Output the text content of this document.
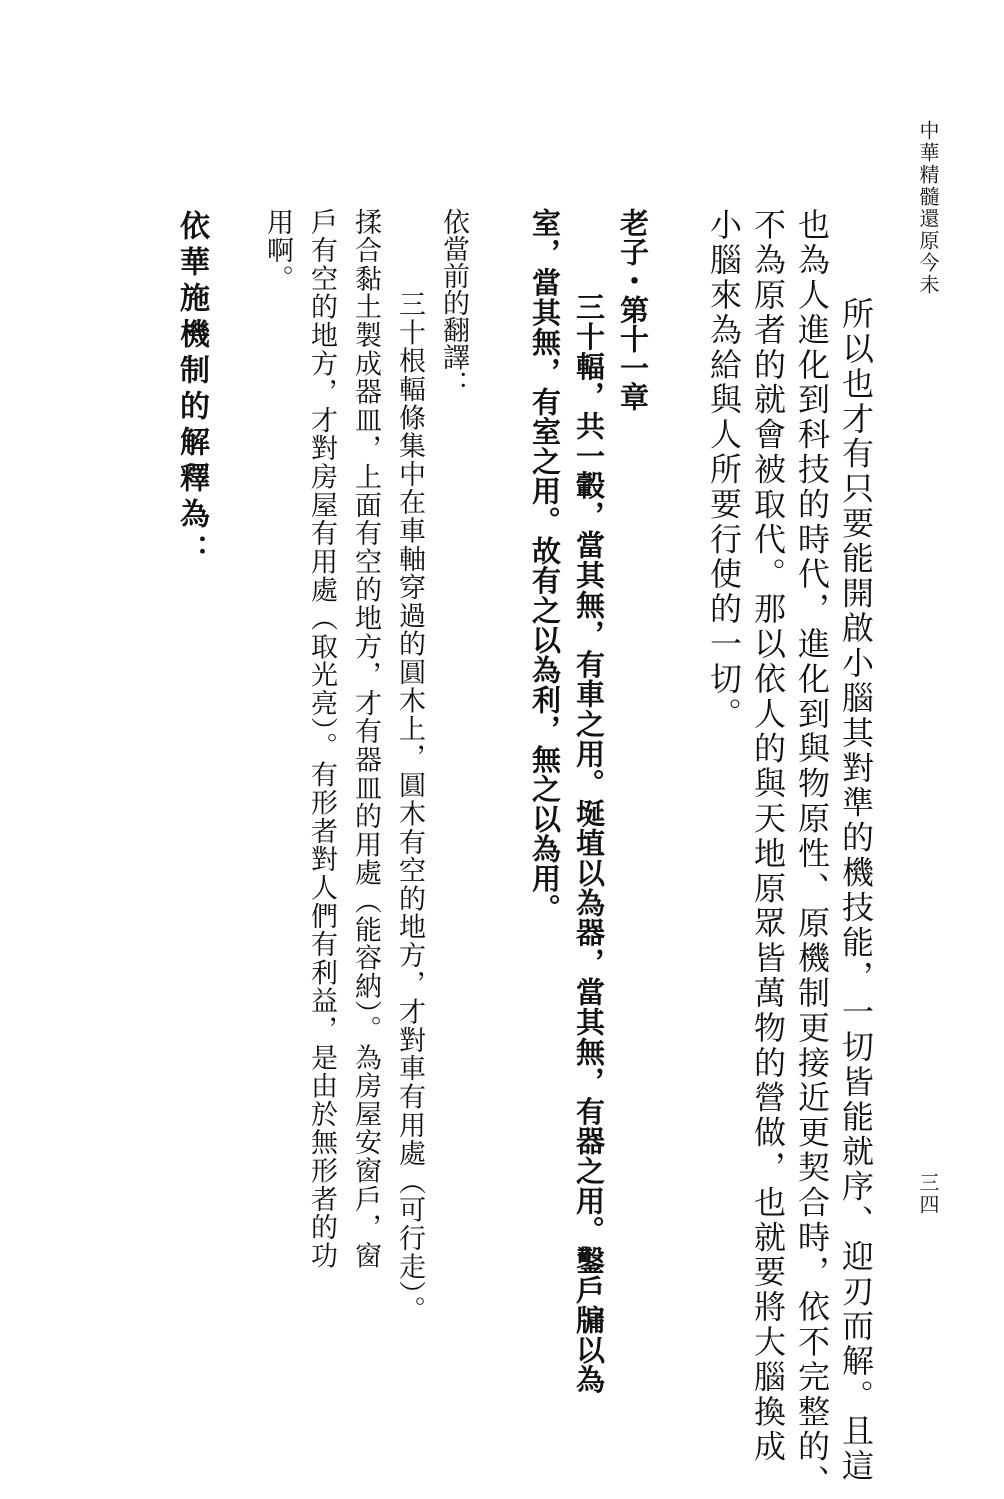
中華精髓還原今未
三四
　所以也才有只要能開啟小腦其對準的機技能，一切皆能就序、迎刃而解。且這
也為人進化到科技的時代，進化到與物原性、原機制更接近更契合時，依不完整的、
不為原者的就會被取代。那以依人的與天地原眾皆萬物的營做，也就要將大腦換成
小腦來為給與人所要行使的一切。
老子・第十一章
　三十輻，共一轂，當其無，有車之用。埏埴以為器，當其無，有器之用。鑿戶牖以為
室，當其無，有室之用。故有之以為利，無之以為用。
依當前的翻譯：
　三十根輻條集中在車軸穿過的圓木上，圓木有空的地方，才對車有用處（可行走）。
揉合黏土製成器皿，上面有空的地方，才有器皿的用處（能容納）。為房屋安窗戶，窗
戶有空的地方，才對房屋有用處（取光亮）。有形者對人們有利益，是由於無形者的功
用啊。
依華施機制的解釋為：
